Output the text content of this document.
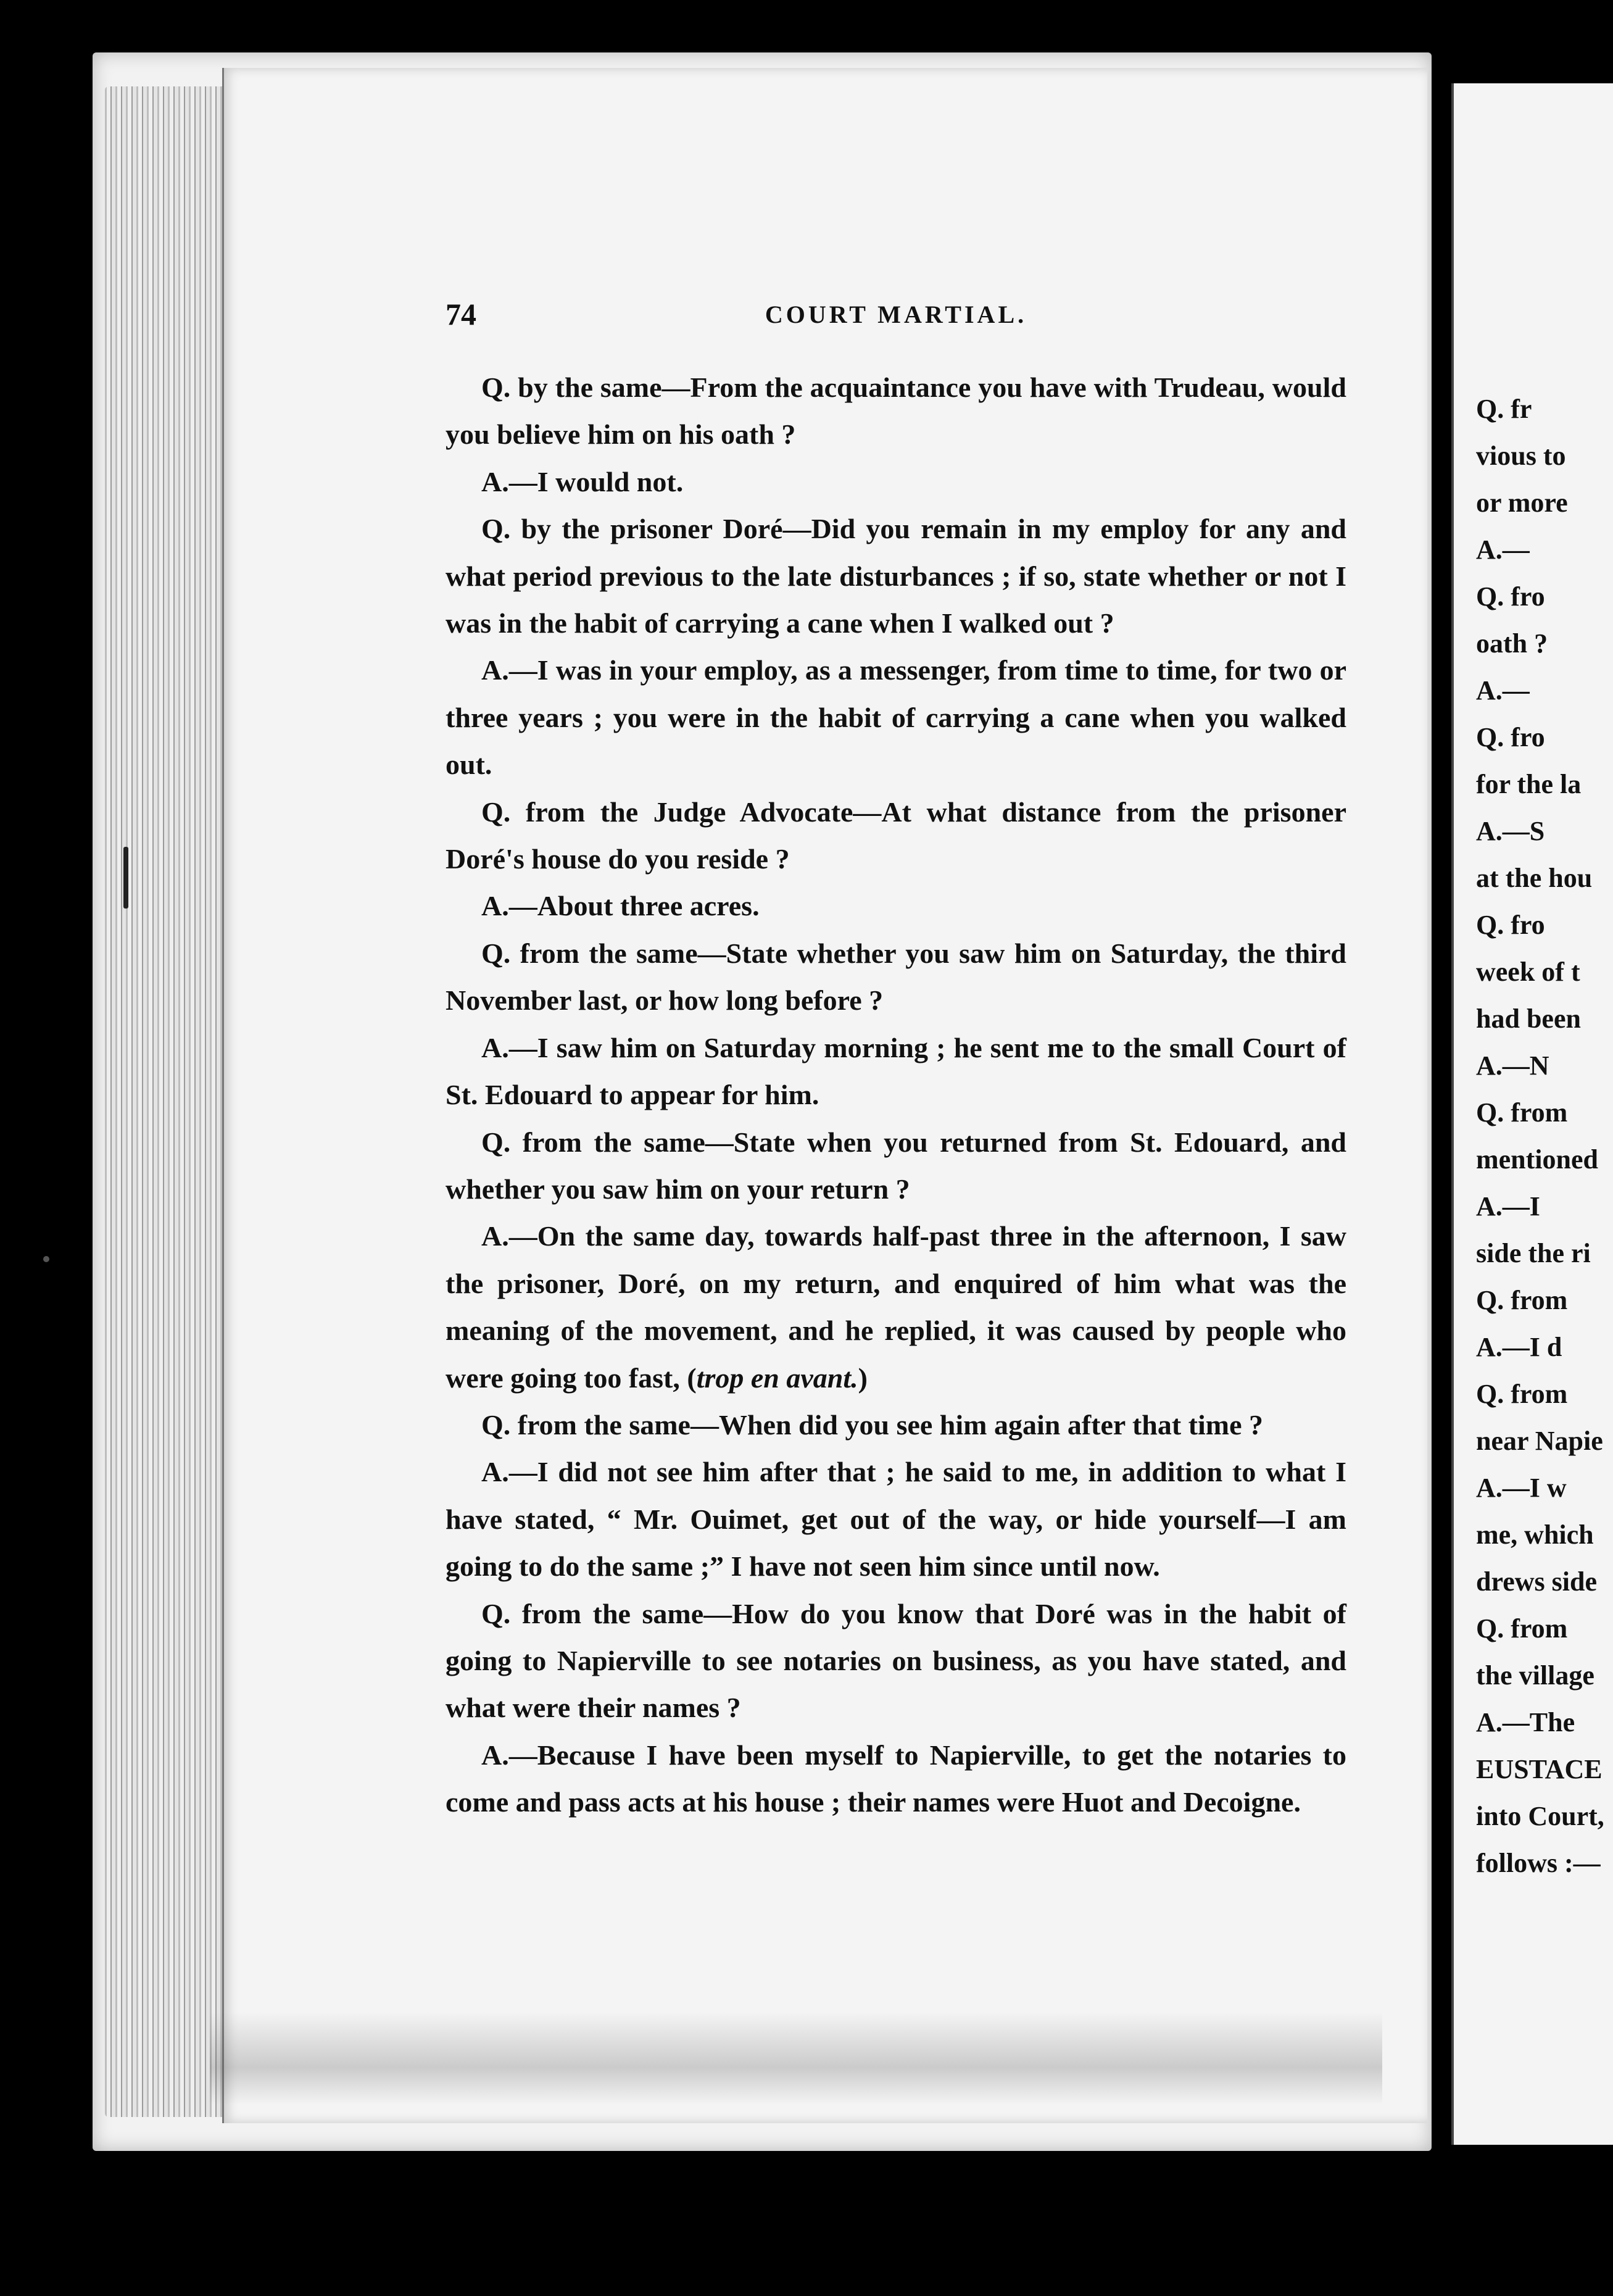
74	COURT MARTIAL.

Q. by the same—From the acquaintance you have with Trudeau, would you believe him on his oath ?

A.—I would not.

Q. by the prisoner Doré—Did you remain in my employ for any and what period previous to the late disturbances ; if so, state whether or not I was in the habit of carrying a cane when I walked out ?

A.—I was in your employ, as a messenger, from time to time, for two or three years ; you were in the habit of carrying a cane when you walked out.

Q. from the Judge Advocate—At what distance from the prisoner Doré's house do you reside ?

A.—About three acres.

Q. from the same—State whether you saw him on Saturday, the third November last, or how long before ?

A.—I saw him on Saturday morning ; he sent me to the small Court of St. Edouard to appear for him.

Q. from the same—State when you returned from St. Edouard, and whether you saw him on your return ?

A.—On the same day, towards half-past three in the afternoon, I saw the prisoner, Doré, on my return, and enquired of him what was the meaning of the movement, and he replied, it was caused by people who were going too fast, (trop en avant.)

Q. from the same—When did you see him again after that time ?

A.—I did not see him after that ; he said to me, in addition to what I have stated, “ Mr. Ouimet, get out of the way, or hide yourself—I am going to do the same ;” I have not seen him since until now.

Q. from the same—How do you know that Doré was in the habit of going to Napierville to see notaries on business, as you have stated, and what were their names ?

A.—Because I have been myself to Napierville, to get the notaries to come and pass acts at his house ; their names were Huot and Decoigne.

Q. fr
vious to
or more
A.—
Q. fro
oath ?
A.—
Q. fro
for the la
A.—S
at the hou
Q. fro
week of t
had been
A.—N
Q. from
mentioned
A.—I
side the ri
Q. from
A.—I d
Q. from
near Napie
A.—I w
me, which
drews side
Q. from
the village
A.—The
EUSTACE
into Court,
follows :—
